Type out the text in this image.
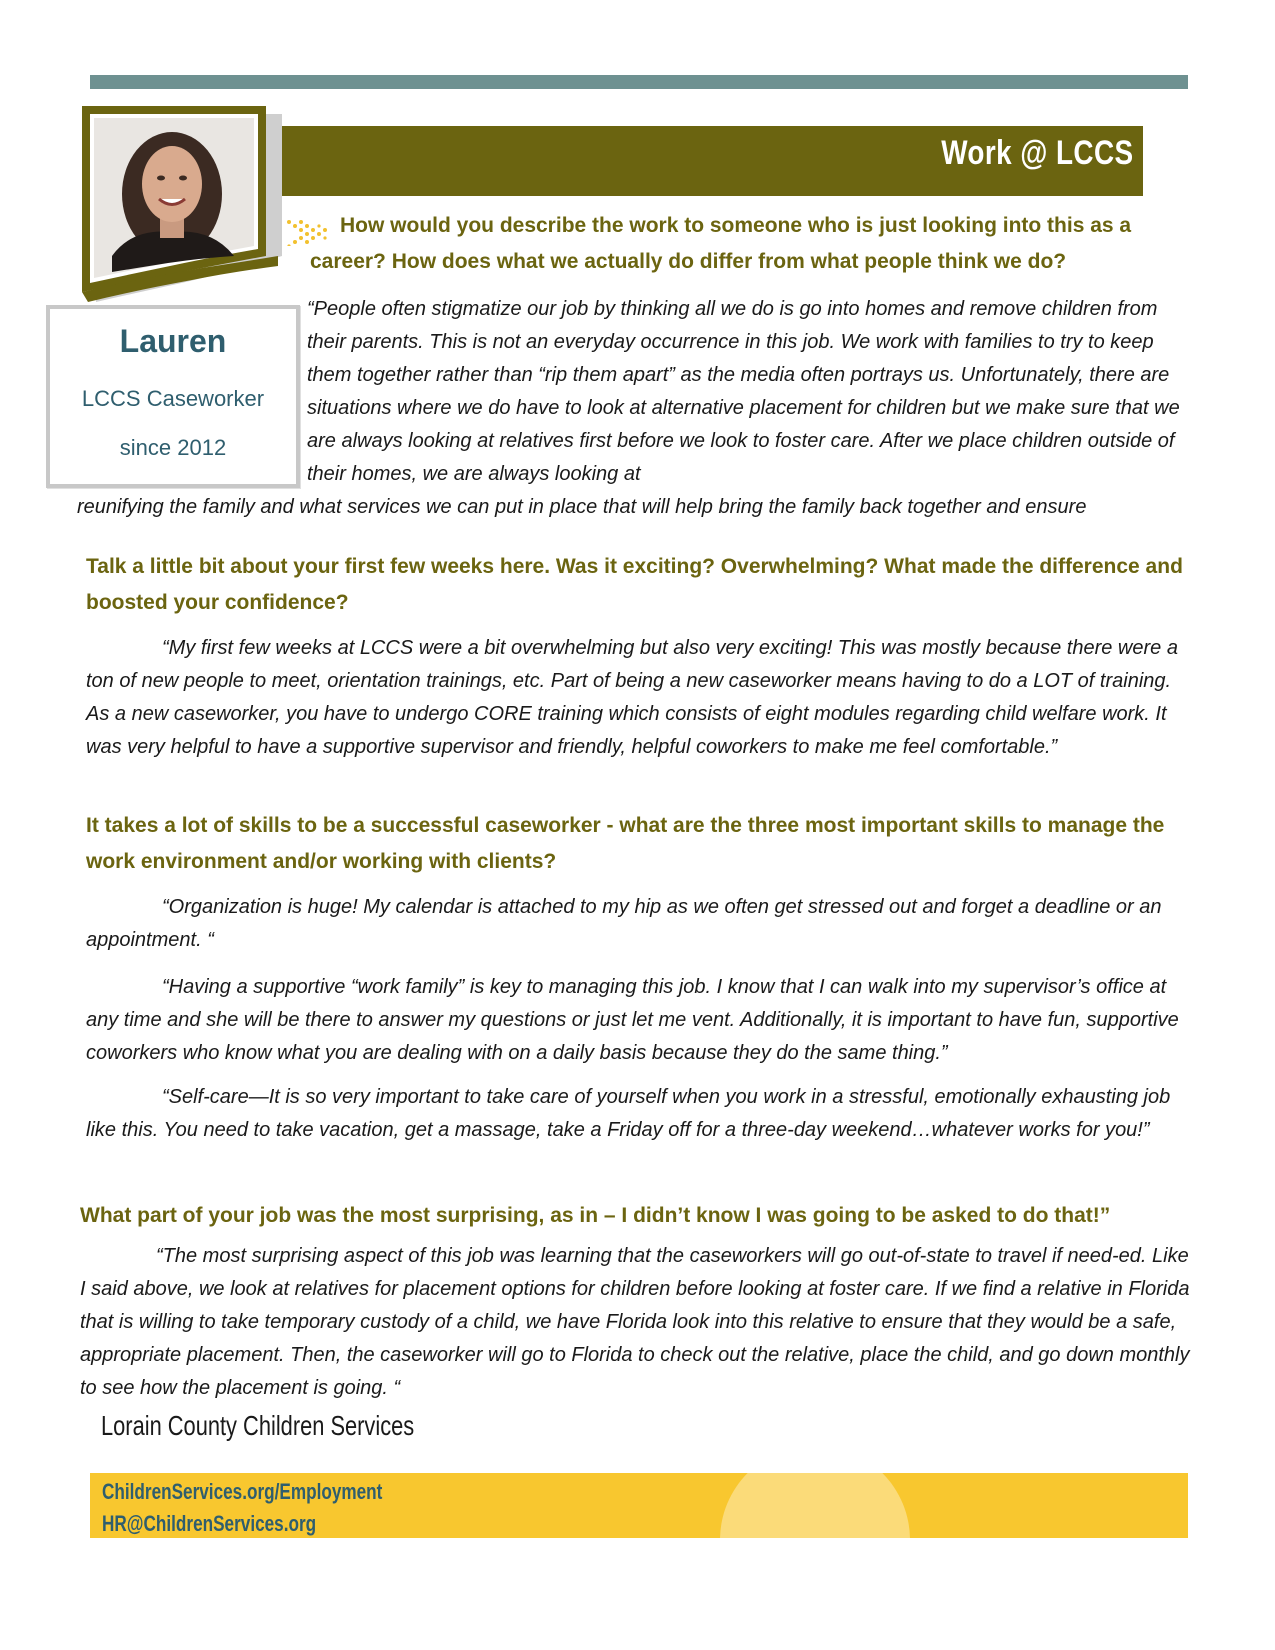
Work @ LCCS
Lauren
LCCS Caseworker
since 2012
How would you describe the work to someone who is just looking into this as a
career? How does what we actually do differ from what people think we do?
“People often stigmatize our job by thinking all we do is go into homes and remove children from their parents. This is not an everyday occurrence in this job. We work with families to try to keep them together rather than “rip them apart” as the media often portrays us. Unfortunately, there are situations where we do have to look at alternative placement for children but we make sure that we are always looking at relatives first before we look to foster care. After we place children outside of their homes, we are always looking at
reunifying the family and what services we can put in place that will help bring the family back together and ensure
Talk a little bit about your first few weeks here. Was it exciting? Overwhelming? What made the difference and boosted your confidence?
“My first few weeks at LCCS were a bit overwhelming but also very exciting! This was mostly because there were a ton of new people to meet, orientation trainings, etc. Part of being a new caseworker means having to do a LOT of training. As a new caseworker, you have to undergo CORE training which consists of eight modules regarding child welfare work. It was very helpful to have a supportive supervisor and friendly, helpful coworkers to make me feel comfortable.”
It takes a lot of skills to be a successful caseworker - what are the three most important skills to manage the work environment and/or working with clients?
“Organization is huge! My calendar is attached to my hip as we often get stressed out and forget a deadline or an appointment. “
“Having a supportive “work family” is key to managing this job. I know that I can walk into my supervisor’s office at any time and she will be there to answer my questions or just let me vent. Additionally, it is important to have fun, supportive coworkers who know what you are dealing with on a daily basis because they do the same thing.”
“Self-care—It is so very important to take care of yourself when you work in a stressful, emotionally exhausting job like this. You need to take vacation, get a massage, take a Friday off for a three-day weekend…whatever works for you!”
What part of your job was the most surprising, as in – I didn’t know I was going to be asked to do that!”
“The most surprising aspect of this job was learning that the caseworkers will go out-of-state to travel if need-ed. Like I said above, we look at relatives for placement options for children before looking at foster care. If we find a relative in Florida that is willing to take temporary custody of a child, we have Florida look into this relative to ensure that they would be a safe, appropriate placement. Then, the caseworker will go to Florida to check out the relative, place the child, and go down monthly to see how the placement is going. “
Lorain County Children Services
ChildrenServices.org/Employment
HR@ChildrenServices.org
